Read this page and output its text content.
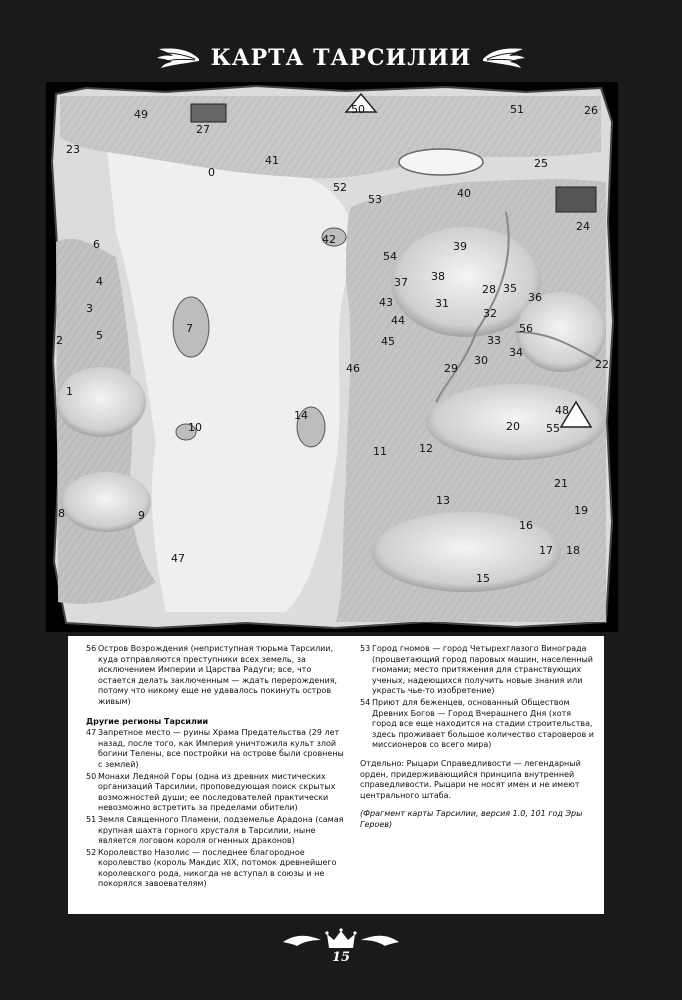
КАРТА ТАРСИЛИИ
0
1
2
3
4
5
6
7
8	9
10
11	12
13
14
15
16
17 18
19
20
21
22
23
24
25
26
27
28
29
30
31
32
33
34
35
36
37 38
39
40
41
42
43
44
45
46
47
48
49	50	51
52
53
54
55
56
56 Остров Возрождения (неприступная тюрьма Тарсилии, куда отправляются преступники всех земель, за исключением Империи и Царства Радуги; все, что остается делать заключенным — ждать перерождения, потому что никому еще не удавалось покинуть остров живым)
Другие регионы Тарсилии
47 Запретное место — руины Храма Предательства (29 лет назад, после того, как Империя уничтожила культ злой богини Телены, все постройки на острове были сровнены с землей)
50 Монахи Ледяной Горы (одна из древних мистических организаций Тарсилии, проповедующая поиск скрытых возможностей души; ее последователей практически невозможно встретить за пределами обители)
51 Земля Священного Пламени, подземелье Арадона (самая крупная шахта горного хрусталя в Тарсилии, ныне является логовом короля огненных драконов)
52 Королевство Назолис — последнее благородное королевство (король Макдис XIX, потомок древнейшего королевского рода, никогда не вступал в союзы и не покорялся завоевателям)
53 Город гномов — город Четырехглазого Винограда (процветающий город паровых машин, населенный гномами; место притяжения для странствующих ученых, надеющихся получить новые знания или украсть чье-то изобретение)
54 Приют для беженцев, основанный Обществом Древних Богов — Город Вчерашнего Дня (хотя город все еще находится на стадии строительства, здесь проживает большое количество староверов и миссионеров со всего мира)
Отдельно: Рыцари Справедливости — легендарный орден, придерживающийся принципа внутренней справедливости. Рыцари не носят имен и не имеют центрального штаба.
(Фрагмент карты Тарсилии, версия 1.0, 101 год Эры Героев)
15
